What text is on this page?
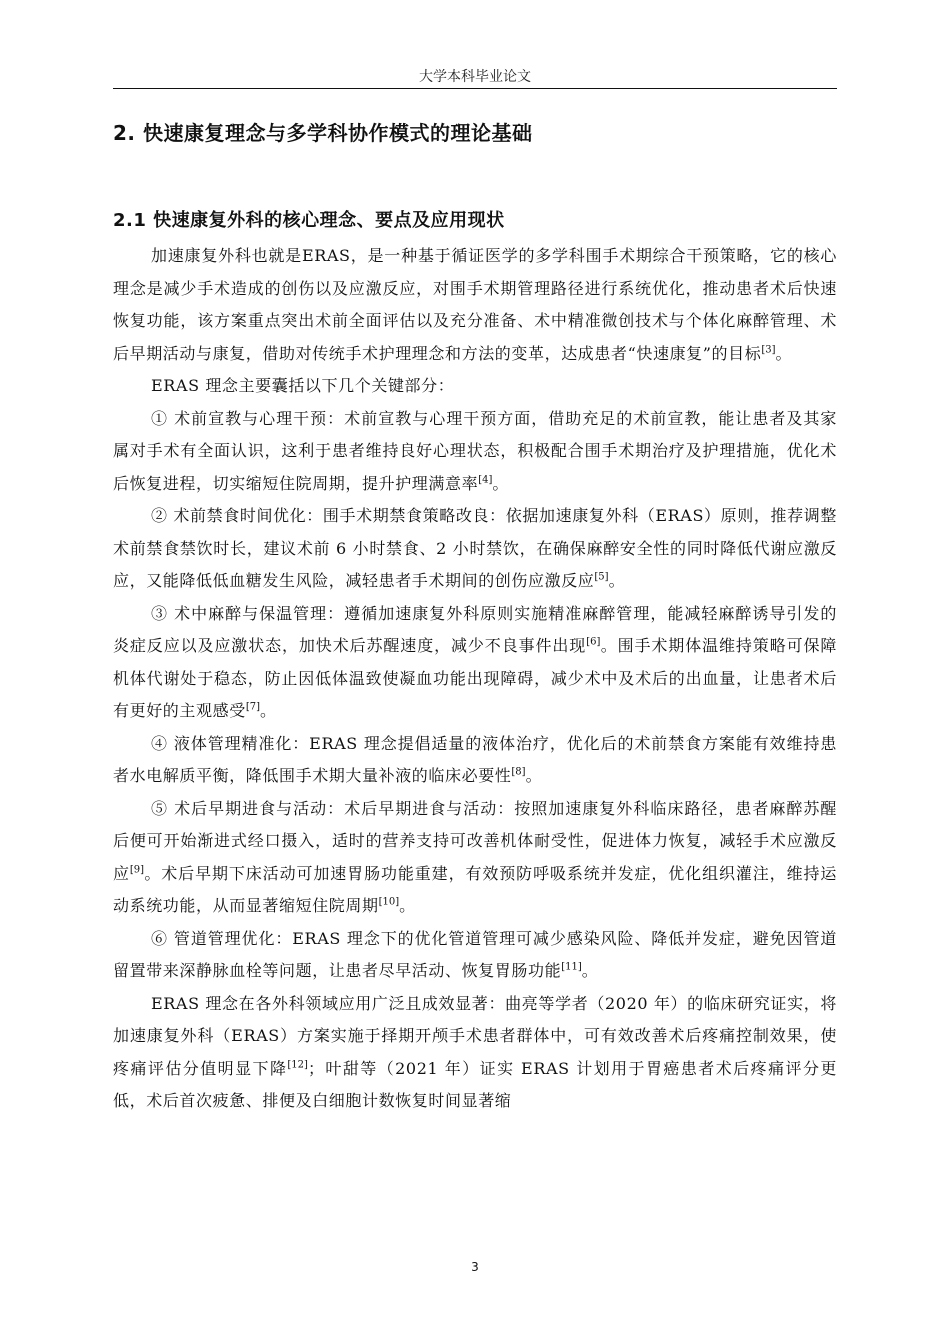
大学本科毕业论文
2. 快速康复理念与多学科协作模式的理论基础
2.1 快速康复外科的核心理念、要点及应用现状

加速康复外科也就是ERAS，是一种基于循证医学的多学科围手术期综合干预策略，它的核心理念是减少手术造成的创伤以及应激反应，对围手术期管理路径进行系统优化，推动患者术后快速恢复功能，该方案重点突出术前全面评估以及充分准备、术中精准微创技术与个体化麻醉管理、术后早期活动与康复，借助对传统手术护理理念和方法的变革，达成患者“快速康复”的目标[3]。

ERAS 理念主要囊括以下几个关键部分：

① 术前宣教与心理干预：术前宣教与心理干预方面，借助充足的术前宣教，能让患者及其家属对手术有全面认识，这利于患者维持良好心理状态，积极配合围手术期治疗及护理措施，优化术后恢复进程，切实缩短住院周期，提升护理满意率[4]。

② 术前禁食时间优化：围手术期禁食策略改良：依据加速康复外科（ERAS）原则，推荐调整术前禁食禁饮时长，建议术前 6 小时禁食、2 小时禁饮，在确保麻醉安全性的同时降低代谢应激反应，又能降低低血糖发生风险，减轻患者手术期间的创伤应激反应[5]。

③ 术中麻醉与保温管理：遵循加速康复外科原则实施精准麻醉管理，能减轻麻醉诱导引发的炎症反应以及应激状态，加快术后苏醒速度，减少不良事件出现[6]。围手术期体温维持策略可保障机体代谢处于稳态，防止因低体温致使凝血功能出现障碍，减少术中及术后的出血量，让患者术后有更好的主观感受[7]。

④ 液体管理精准化：ERAS 理念提倡适量的液体治疗，优化后的术前禁食方案能有效维持患者水电解质平衡，降低围手术期大量补液的临床必要性[8]。

⑤ 术后早期进食与活动：术后早期进食与活动：按照加速康复外科临床路径，患者麻醉苏醒后便可开始渐进式经口摄入，适时的营养支持可改善机体耐受性，促进体力恢复，减轻手术应激反应[9]。术后早期下床活动可加速胃肠功能重建，有效预防呼吸系统并发症，优化组织灌注，维持运动系统功能，从而显著缩短住院周期[10]。

⑥ 管道管理优化：ERAS 理念下的优化管道管理可减少感染风险、降低并发症，避免因管道留置带来深静脉血栓等问题，让患者尽早活动、恢复胃肠功能[11]。

ERAS 理念在各外科领域应用广泛且成效显著：曲亮等学者（2020 年）的临床研究证实，将加速康复外科（ERAS）方案实施于择期开颅手术患者群体中，可有效改善术后疼痛控制效果，使疼痛评估分值明显下降[12]；叶甜等（2021 年）证实 ERAS 计划用于胃癌患者术后疼痛评分更低，术后首次疲惫、排便及白细胞计数恢复时间显著缩

3
